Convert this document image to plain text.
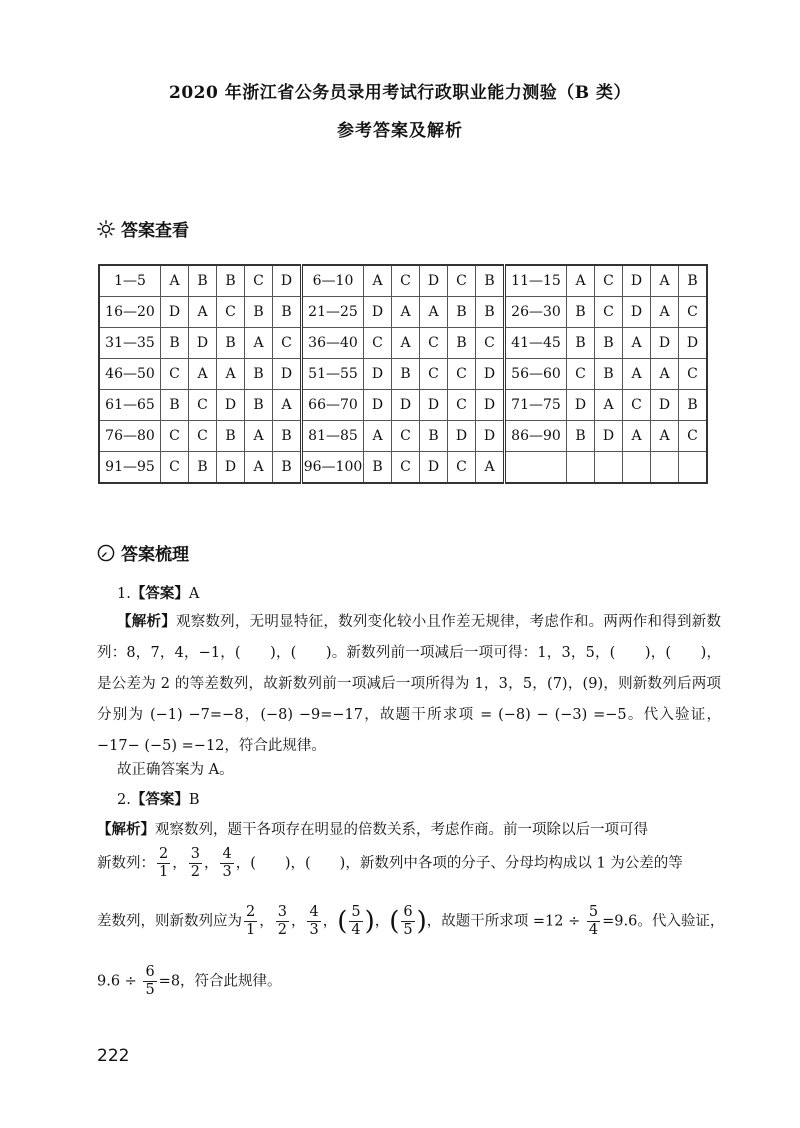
2020 年浙江省公务员录用考试行政职业能力测验（B 类）
参考答案及解析
答案查看
1—5	A	B	B	C	D	6—10	A	C	D	C	B	11—15	A	C	D	A	B
16—20	D	A	C	B	B	21—25	D	A	A	B	B	26—30	B	C	D	A	C
31—35	B	D	B	A	C	36—40	C	A	C	B	C	41—45	B	B	A	D	D
46—50	C	A	A	B	D	51—55	D	B	C	C	D	56—60	C	B	A	A	C
61—65	B	C	D	B	A	66—70	D	D	D	C	D	71—75	D	A	C	D	B
76—80	C	C	B	A	B	81—85	A	C	B	D	D	86—90	B	D	A	A	C
91—95	C	B	D	A	B	96—100	B	C	D	C	A						
答案梳理
1.【答案】A
【解析】观察数列，无明显特征，数列变化较小且作差无规律，考虑作和。两两作和得到新数列：8，7，4，−1，(　　)，(　　)。新数列前一项减后一项可得：1，3，5，(　　)，(　　)，是公差为 2 的等差数列，故新数列前一项减后一项所得为 1，3，5，(7)，(9)，则新数列后两项分别为 (−1) −7=−8，(−8) −9=−17，故题干所求项 = (−8) − (−3) =−5。代入验证，−17− (−5) =−12，符合此规律。
故正确答案为 A。
2.【答案】B
【解析】观察数列，题干各项存在明显的倍数关系，考虑作商。前一项除以后一项可得
新数列： $\frac{2}{1}$ ， $\frac{3}{2}$ ， $\frac{4}{3}$ ，(　　)，(　　)，新数列中各项的分子、分母均构成以 1 为公差的等
差数列，则新数列应为 $\frac{2}{1}$ ， $\frac{3}{2}$ ， $\frac{4}{3}$ ，( $\frac{5}{4}$ )，( $\frac{6}{5}$ )，故题干所求项 $=12 \div \frac{5}{4} =9.6$。代入验证，
$9.6 \div \frac{6}{5} =8$，符合此规律。
222
